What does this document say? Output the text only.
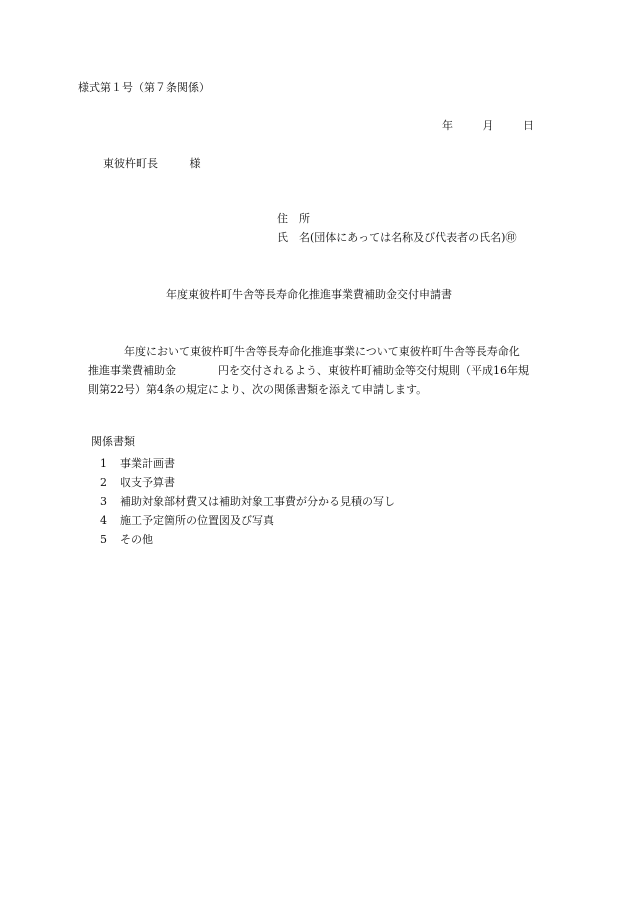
様式第１号（第７条関係）
年	月	日
東彼杵町長	様
住　所
氏　名(団体にあっては名称及び代表者の氏名)㊞
年度東彼杵町牛舎等長寿命化推進事業費補助金交付申請書
年度において東彼杵町牛舎等長寿命化推進事業について東彼杵町牛舎等長寿命化
推進事業費補助金	円を交付されるよう、東彼杵町補助金等交付規則（平成16年規
則第22号）第4条の規定により、次の関係書類を添えて申請します。
関係書類
1 事業計画書
2 収支予算書
3 補助対象部材費又は補助対象工事費が分かる見積の写し
4 施工予定箇所の位置図及び写真
5 その他
